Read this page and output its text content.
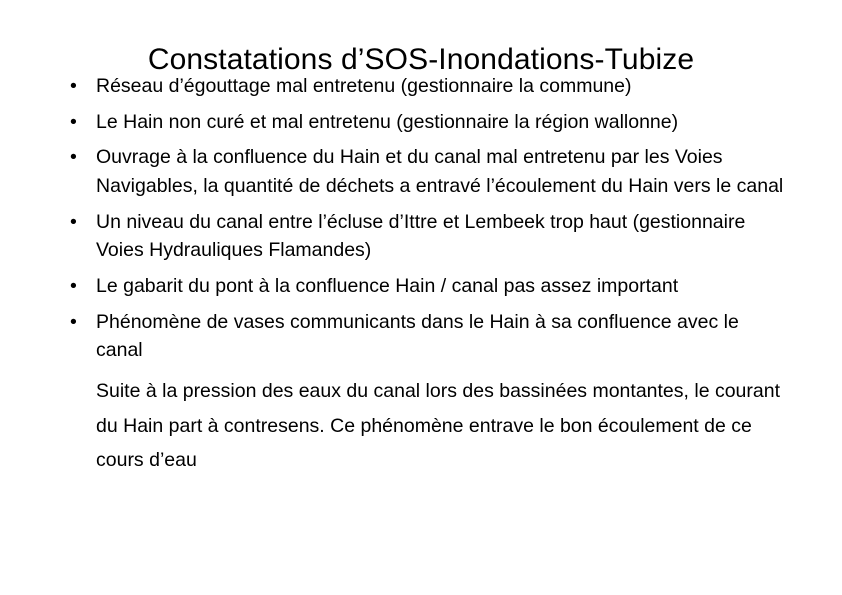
Constatations d’SOS-Inondations-Tubize
• Réseau d’égouttage mal entretenu (gestionnaire la commune)
• Le Hain non curé et mal entretenu (gestionnaire la région wallonne)
• Ouvrage à la confluence du Hain et du canal mal entretenu par les Voies Navigables, la quantité de déchets a entravé l’écoulement du Hain vers le canal
• Un niveau du canal entre l’écluse d’Ittre et Lembeek trop haut (gestionnaire Voies Hydrauliques Flamandes)
• Le gabarit du pont à la confluence Hain / canal pas assez important
• Phénomène de vases communicants dans le Hain à sa confluence avec le canal
Suite à la pression des eaux du canal lors des bassinées montantes, le courant du Hain part à contresens. Ce phénomène entrave le bon écoulement de ce cours d’eau
